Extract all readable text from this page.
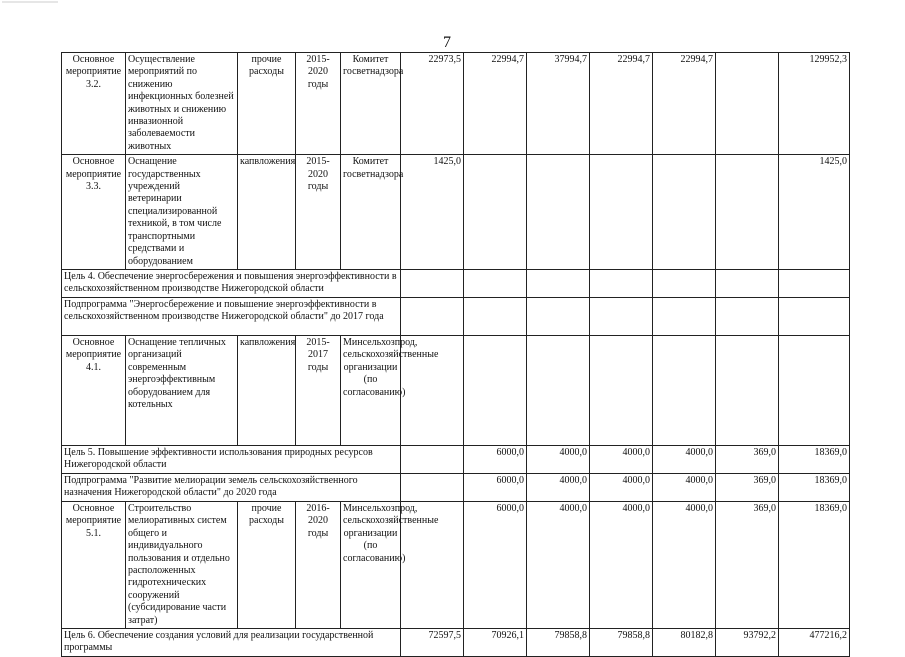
7
Основное мероприятие 3.2.	Осуществление мероприятий по снижению инфекционных болезней животных и снижению инвазионной заболеваемости животных	прочие расходы	2015-2020 годы	Комитет госветнадзора	22973,5	22994,7	37994,7	22994,7	22994,7		129952,3
Основное мероприятие 3.3.	Оснащение государственных учреждений ветеринарии специализированной техникой, в том числе транспортными средствами и оборудованием	капвложения	2015-2020 годы	Комитет госветнадзора	1425,0						1425,0
Цель 4. Обеспечение энергосбережения и повышения энергоэффективности в сельскохозяйственном производстве Нижегородской области											
Подпрограмма "Энергосбережение и повышение энергоэффективности в сельскохозяйственном производстве Нижегородской области" до 2017 года											
Основное мероприятие 4.1.	Оснащение тепличных организаций современным энергоэффективным оборудованием для котельных	капвложения	2015-2017 годы	Минсельхозпрод, сельскохозяйственные организации (по согласованию)							
Цель 5. Повышение эффективности использования природных ресурсов Нижегородской области						6000,0	4000,0	4000,0	4000,0	369,0	18369,0
Подпрограмма "Развитие мелиорации земель сельскохозяйственного назначения Нижегородской области" до 2020 года						6000,0	4000,0	4000,0	4000,0	369,0	18369,0
Основное мероприятие 5.1.	Строительство мелиоративных систем общего и индивидуального пользования и отдельно расположенных гидротехнических сооружений (субсидирование части затрат)	прочие расходы	2016-2020 годы	Минсельхозпрод, сельскохозяйственные организации (по согласованию)		6000,0	4000,0	4000,0	4000,0	369,0	18369,0
Цель 6. Обеспечение создания условий для реализации государственной программы					72597,5	70926,1	79858,8	79858,8	80182,8	93792,2	477216,2
